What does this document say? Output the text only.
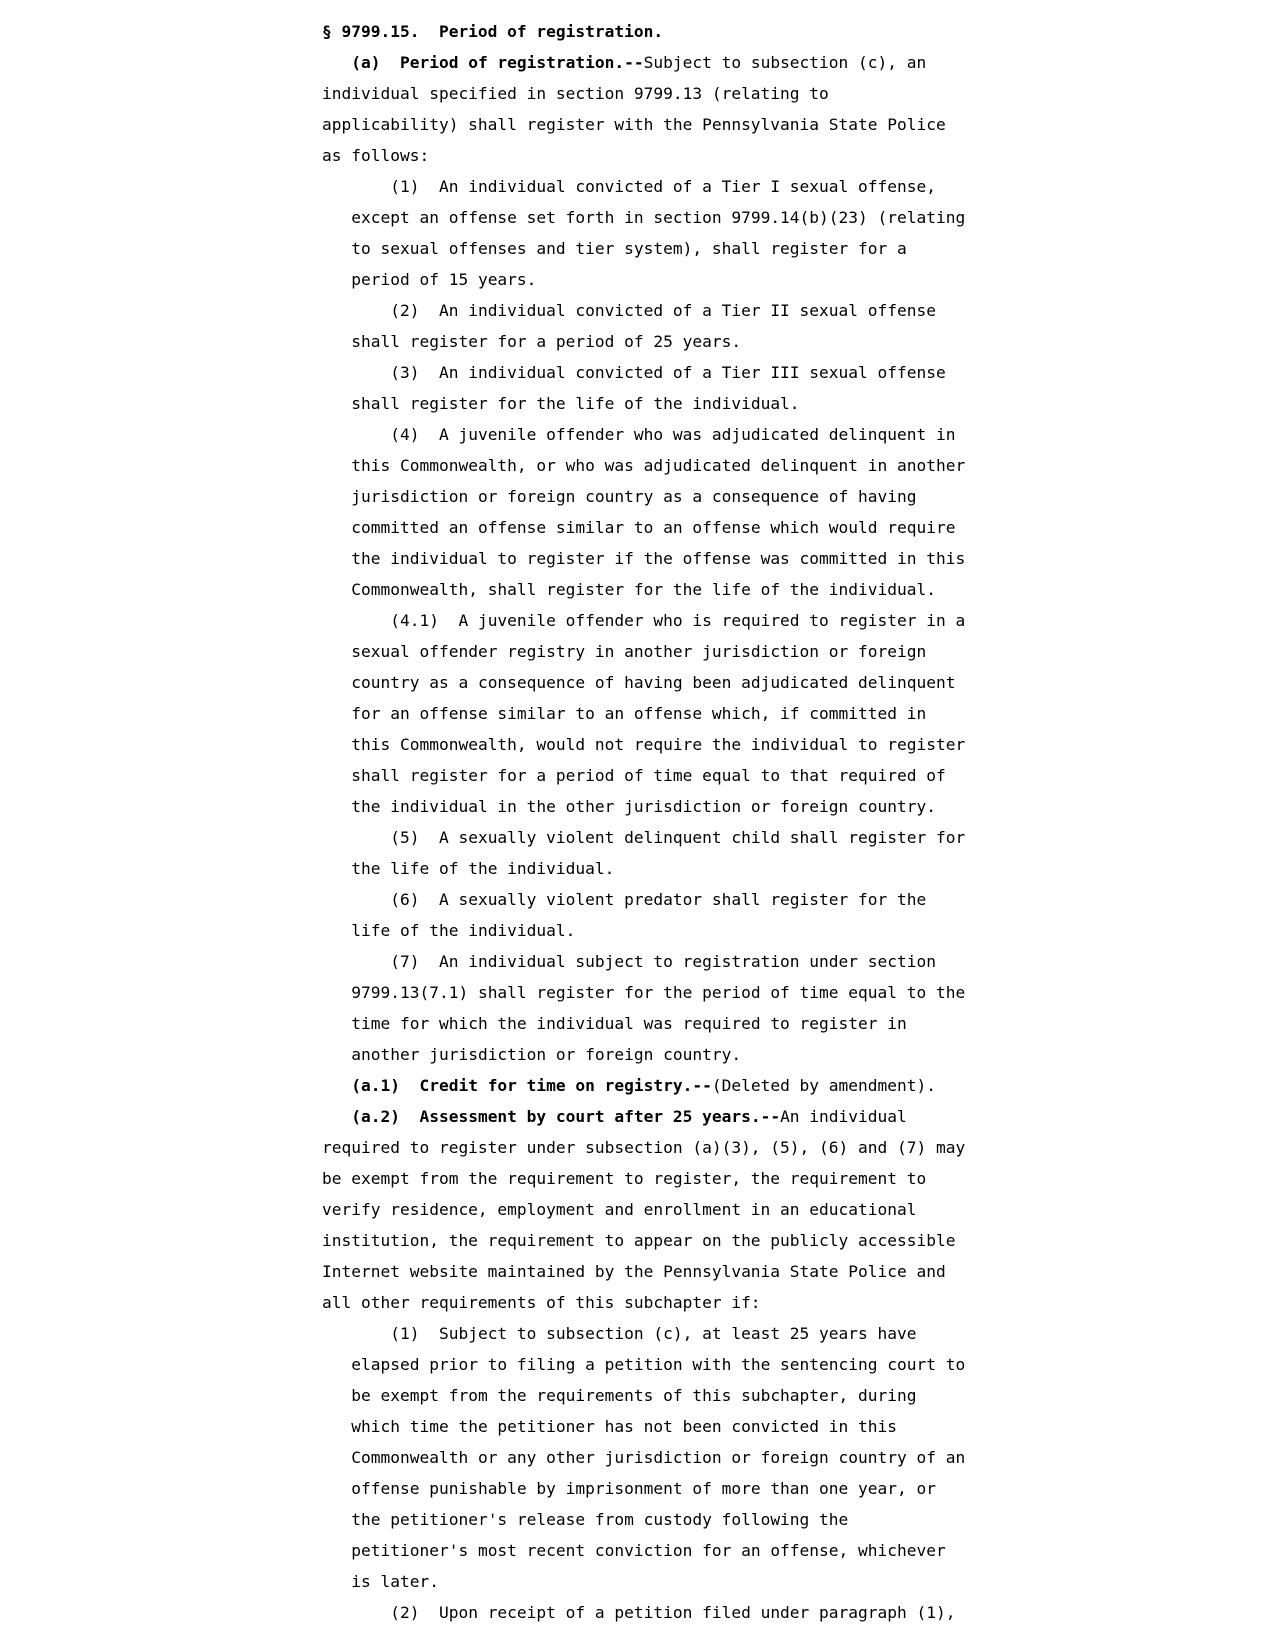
§ 9799.15.  Period of registration.

(a)  Period of registration.--Subject to subsection (c), an

individual specified in section 9799.13 (relating to

applicability) shall register with the Pennsylvania State Police

as follows:

(1)  An individual convicted of a Tier I sexual offense,

except an offense set forth in section 9799.14(b)(23) (relating

to sexual offenses and tier system), shall register for a

period of 15 years.

(2)  An individual convicted of a Tier II sexual offense

shall register for a period of 25 years.

(3)  An individual convicted of a Tier III sexual offense

shall register for the life of the individual.

(4)  A juvenile offender who was adjudicated delinquent in

this Commonwealth, or who was adjudicated delinquent in another

jurisdiction or foreign country as a consequence of having

committed an offense similar to an offense which would require

the individual to register if the offense was committed in this

Commonwealth, shall register for the life of the individual.

(4.1)  A juvenile offender who is required to register in a

sexual offender registry in another jurisdiction or foreign

country as a consequence of having been adjudicated delinquent

for an offense similar to an offense which, if committed in

this Commonwealth, would not require the individual to register

shall register for a period of time equal to that required of

the individual in the other jurisdiction or foreign country.

(5)  A sexually violent delinquent child shall register for

the life of the individual.

(6)  A sexually violent predator shall register for the

life of the individual.

(7)  An individual subject to registration under section

9799.13(7.1) shall register for the period of time equal to the

time for which the individual was required to register in

another jurisdiction or foreign country.

(a.1)  Credit for time on registry.--(Deleted by amendment).

(a.2)  Assessment by court after 25 years.--An individual

required to register under subsection (a)(3), (5), (6) and (7) may

be exempt from the requirement to register, the requirement to

verify residence, employment and enrollment in an educational

institution, the requirement to appear on the publicly accessible

Internet website maintained by the Pennsylvania State Police and

all other requirements of this subchapter if:

(1)  Subject to subsection (c), at least 25 years have

elapsed prior to filing a petition with the sentencing court to

be exempt from the requirements of this subchapter, during

which time the petitioner has not been convicted in this

Commonwealth or any other jurisdiction or foreign country of an

offense punishable by imprisonment of more than one year, or

the petitioner's release from custody following the

petitioner's most recent conviction for an offense, whichever

is later.

(2)  Upon receipt of a petition filed under paragraph (1),
